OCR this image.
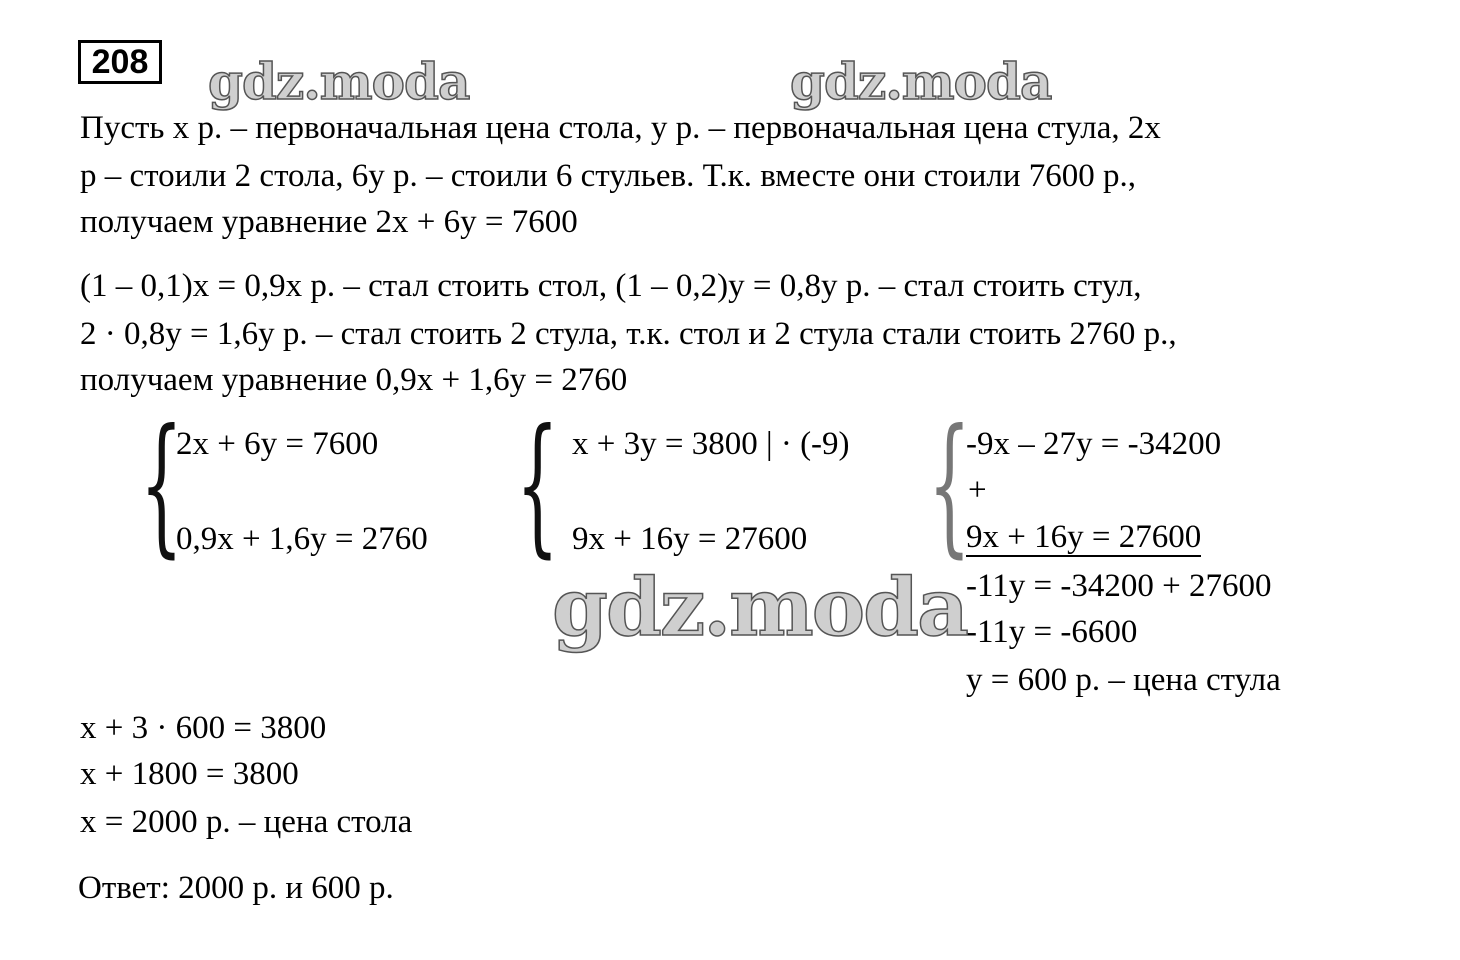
208 gdz.moda	gdz.moda
Пусть x р. – первоначальная цена стола, y р. – первоначальная цена стула, 2x
р – стоили 2 стола, 6y р. – стоили 6 стульев. Т.к. вместе они стоили 7600 р.,
получаем уравнение 2x + 6y = 7600
(1 – 0,1)x = 0,9x р. – стал стоить стол, (1 – 0,2)y = 0,8y р. – стал стоить стул,
2 · 0,8y = 1,6y р. – стал стоить 2 стула, т.к. стол и 2 стула стали стоить 2760 р.,
получаем уравнение 0,9x + 1,6y = 2760
{
2x + 6y = 7600
0,9x + 1,6y = 2760 { x + 3y = 3800 | · (-9)
9x + 16y = 27600 {
-9x – 27y = -34200
+
9x + 16y = 27600
-11y = -34200 + 27600
-11y = -6600
y = 600 р. – цена стула
gdz.moda
x + 3 · 600 = 3800
x + 1800 = 3800
x = 2000 р. – цена стола
Ответ: 2000 р. и 600 р.
